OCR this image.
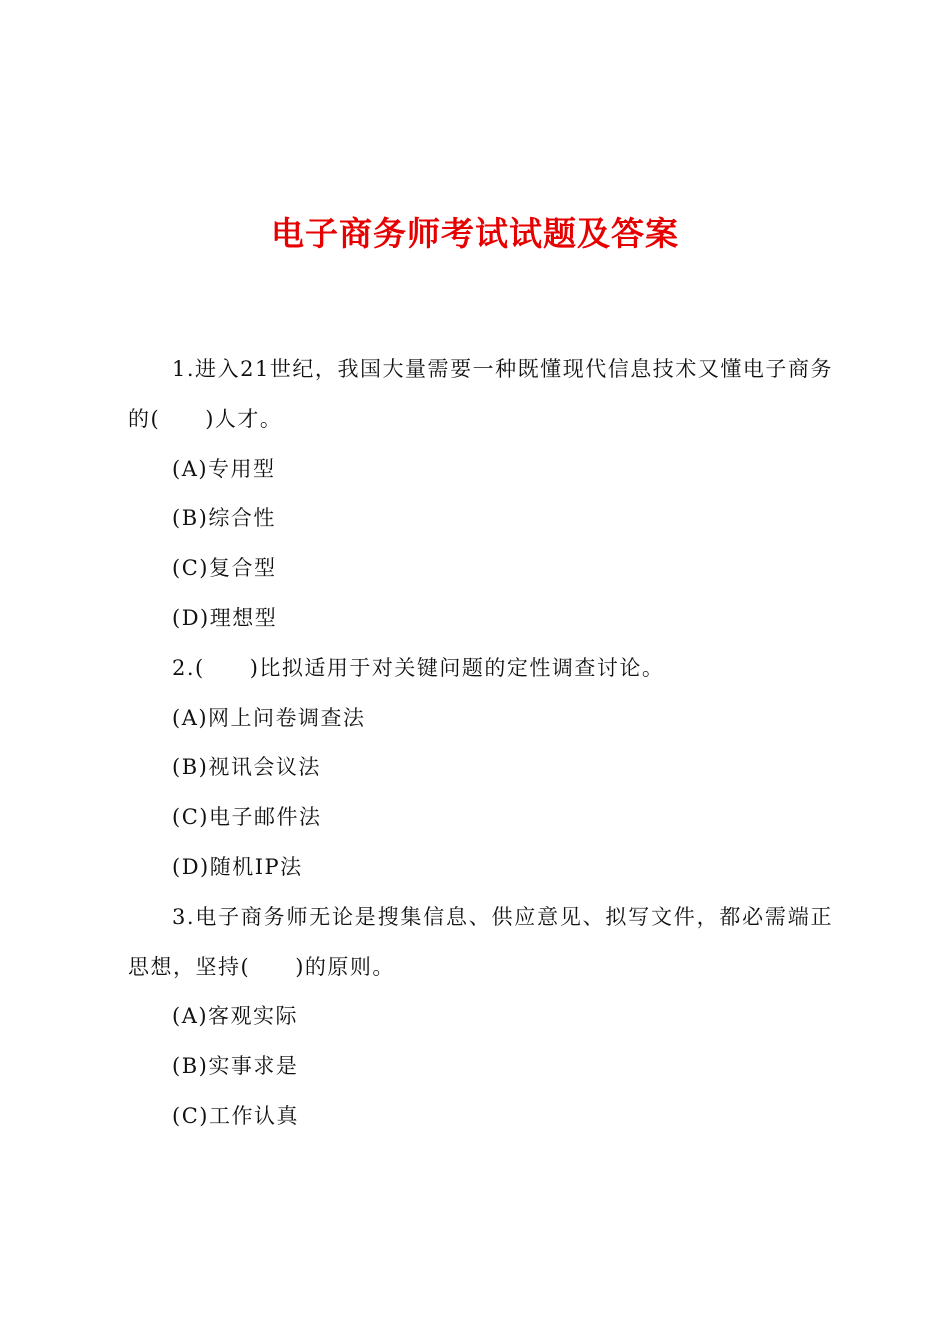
电子商务师考试试题及答案
1.进入21世纪，我国大量需要一种既懂现代信息技术又懂电子商务
的(　　)人才。
(A)专用型
(B)综合性
(C)复合型
(D)理想型
2.(　　)比拟适用于对关键问题的定性调查讨论。
(A)网上问卷调查法
(B)视讯会议法
(C)电子邮件法
(D)随机IP法
3.电子商务师无论是搜集信息、供应意见、拟写文件，都必需端正
思想，坚持(　　)的原则。
(A)客观实际
(B)实事求是
(C)工作认真
